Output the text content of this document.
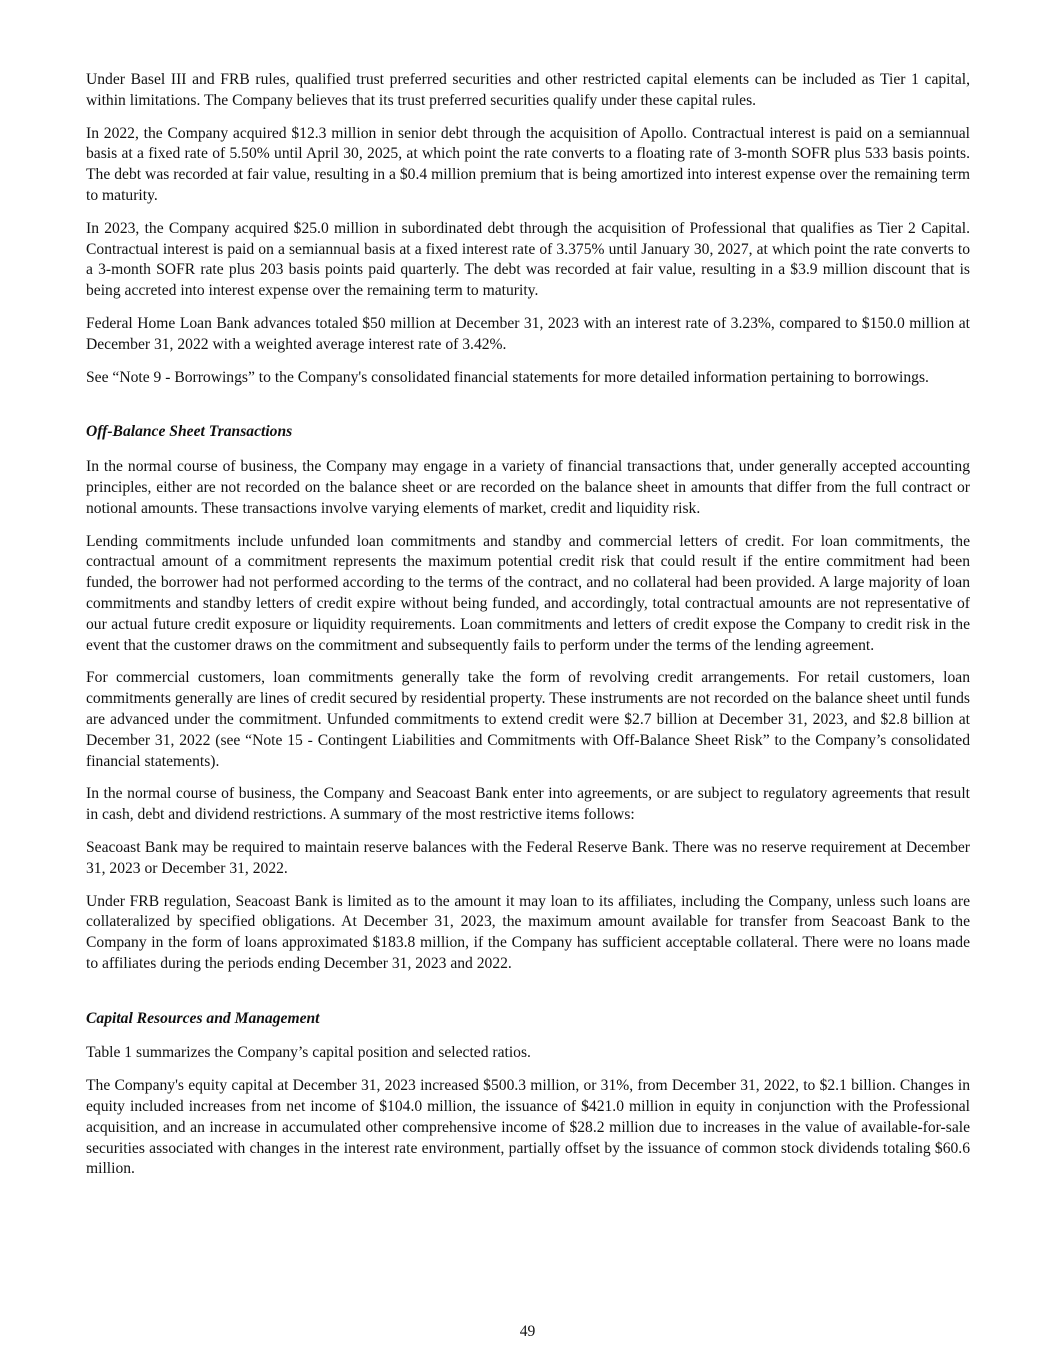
Under Basel III and FRB rules, qualified trust preferred securities and other restricted capital elements can be included as Tier 1 capital, within limitations. The Company believes that its trust preferred securities qualify under these capital rules.

In 2022, the Company acquired $12.3 million in senior debt through the acquisition of Apollo. Contractual interest is paid on a semiannual basis at a fixed rate of 5.50% until April 30, 2025, at which point the rate converts to a floating rate of 3-month SOFR plus 533 basis points. The debt was recorded at fair value, resulting in a $0.4 million premium that is being amortized into interest expense over the remaining term to maturity.

In 2023, the Company acquired $25.0 million in subordinated debt through the acquisition of Professional that qualifies as Tier 2 Capital. Contractual interest is paid on a semiannual basis at a fixed interest rate of 3.375% until January 30, 2027, at which point the rate converts to a 3-month SOFR rate plus 203 basis points paid quarterly. The debt was recorded at fair value, resulting in a $3.9 million discount that is being accreted into interest expense over the remaining term to maturity.

Federal Home Loan Bank advances totaled $50 million at December 31, 2023 with an interest rate of 3.23%, compared to $150.0 million at December 31, 2022 with a weighted average interest rate of 3.42%.

See “Note 9 - Borrowings” to the Company's consolidated financial statements for more detailed information pertaining to borrowings.

Off-Balance Sheet Transactions

In the normal course of business, the Company may engage in a variety of financial transactions that, under generally accepted accounting principles, either are not recorded on the balance sheet or are recorded on the balance sheet in amounts that differ from the full contract or notional amounts. These transactions involve varying elements of market, credit and liquidity risk.

Lending commitments include unfunded loan commitments and standby and commercial letters of credit. For loan commitments, the contractual amount of a commitment represents the maximum potential credit risk that could result if the entire commitment had been funded, the borrower had not performed according to the terms of the contract, and no collateral had been provided. A large majority of loan commitments and standby letters of credit expire without being funded, and accordingly, total contractual amounts are not representative of our actual future credit exposure or liquidity requirements. Loan commitments and letters of credit expose the Company to credit risk in the event that the customer draws on the commitment and subsequently fails to perform under the terms of the lending agreement.

For commercial customers, loan commitments generally take the form of revolving credit arrangements. For retail customers, loan commitments generally are lines of credit secured by residential property. These instruments are not recorded on the balance sheet until funds are advanced under the commitment. Unfunded commitments to extend credit were $2.7 billion at December 31, 2023, and $2.8 billion at December 31, 2022 (see “Note 15 - Contingent Liabilities and Commitments with Off-Balance Sheet Risk” to the Company’s consolidated financial statements).

In the normal course of business, the Company and Seacoast Bank enter into agreements, or are subject to regulatory agreements that result in cash, debt and dividend restrictions. A summary of the most restrictive items follows:

Seacoast Bank may be required to maintain reserve balances with the Federal Reserve Bank. There was no reserve requirement at December 31, 2023 or December 31, 2022.

Under FRB regulation, Seacoast Bank is limited as to the amount it may loan to its affiliates, including the Company, unless such loans are collateralized by specified obligations. At December 31, 2023, the maximum amount available for transfer from Seacoast Bank to the Company in the form of loans approximated $183.8 million, if the Company has sufficient acceptable collateral. There were no loans made to affiliates during the periods ending December 31, 2023 and 2022.

Capital Resources and Management

Table 1 summarizes the Company’s capital position and selected ratios.

The Company's equity capital at December 31, 2023 increased $500.3 million, or 31%, from December 31, 2022, to $2.1 billion. Changes in equity included increases from net income of $104.0 million, the issuance of $421.0 million in equity in conjunction with the Professional acquisition, and an increase in accumulated other comprehensive income of $28.2 million due to increases in the value of available-for-sale securities associated with changes in the interest rate environment, partially offset by the issuance of common stock dividends totaling $60.6 million.

49
